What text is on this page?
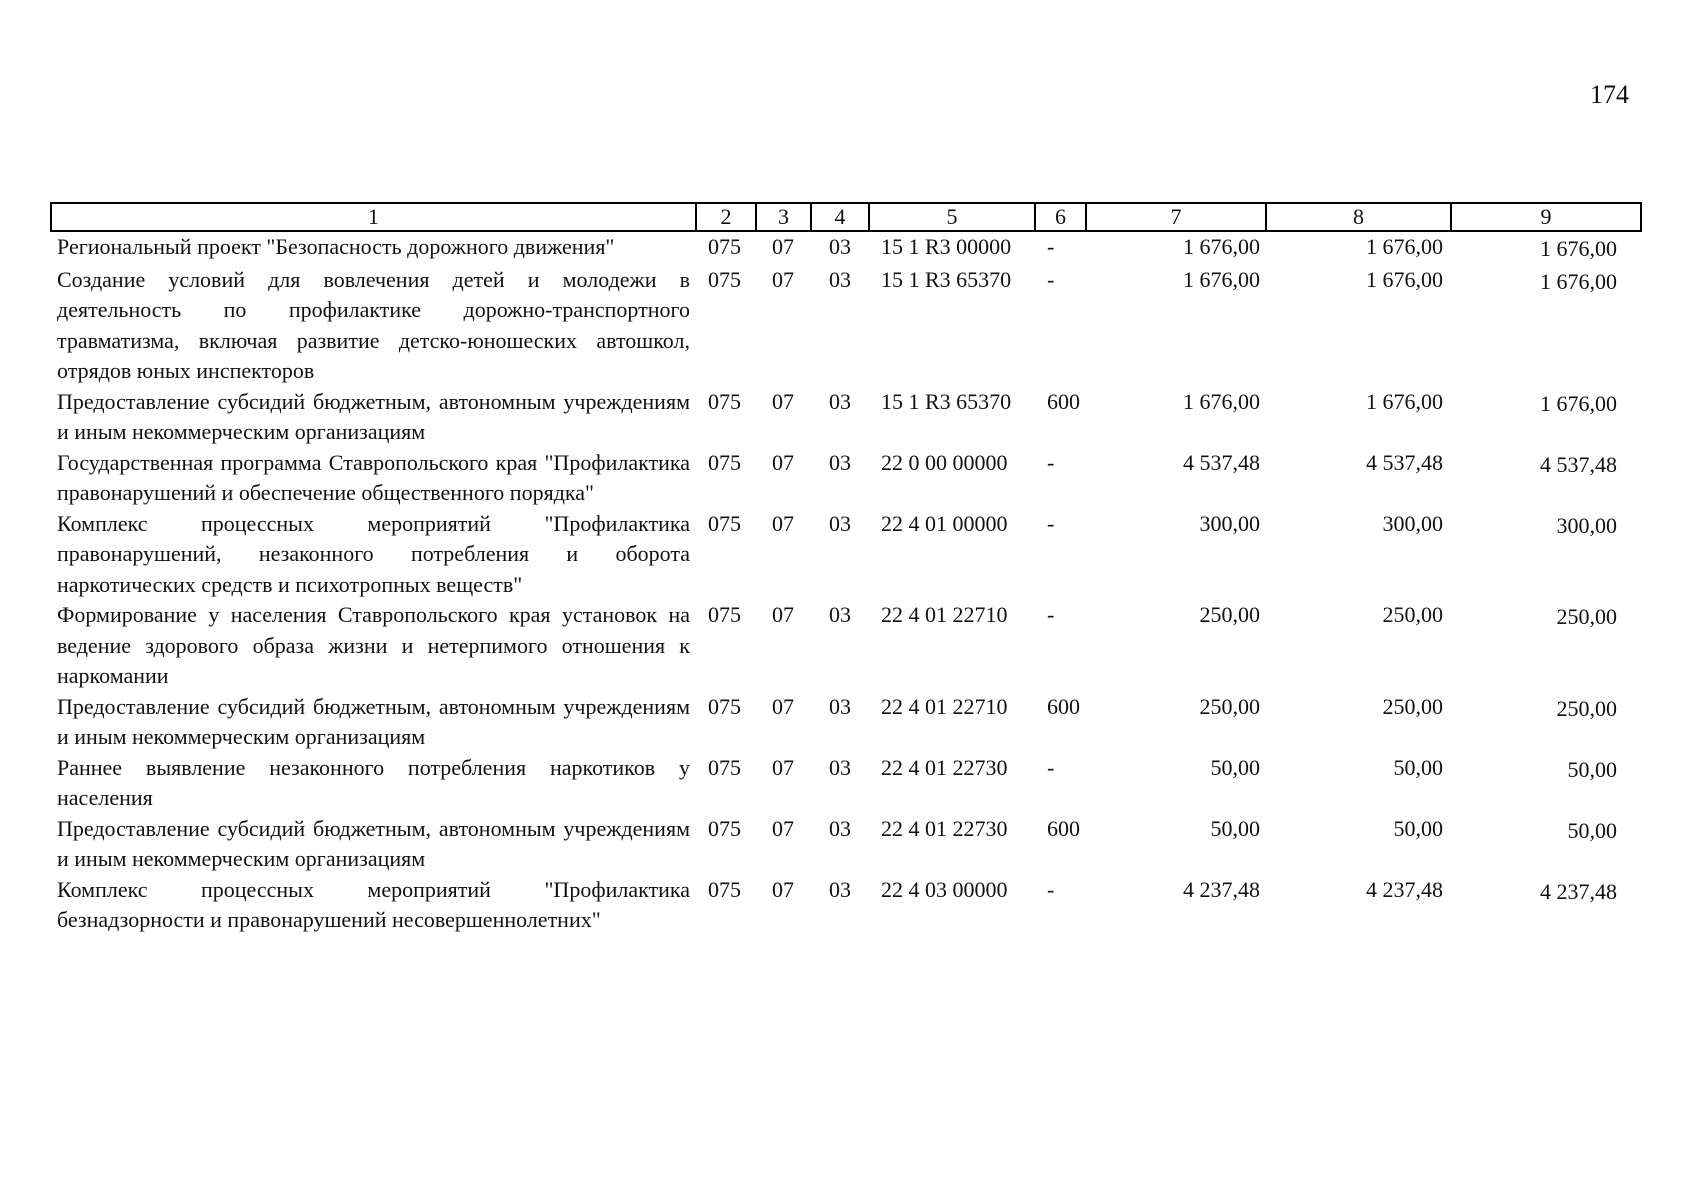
174
1	2	3	4	5	6	7	8	9
Региональный проект "Безопасность дорожного движения"	075	07	03	15 1 R3 00000	-	1 676,00	1 676,00	1 676,00
Создание условий для вовлечения детей и молодежи в деятельность по профилактике дорожно-транспортного травматизма, включая развитие детско-юношеских автошкол, отрядов юных инспекторов	075	07	03	15 1 R3 65370	-	1 676,00	1 676,00	1 676,00
Предоставление субсидий бюджетным, автономным учреждениям и иным некоммерческим организациям	075	07	03	15 1 R3 65370	600	1 676,00	1 676,00	1 676,00
Государственная программа Ставропольского края "Профилактика правонарушений и обеспечение общественного порядка"	075	07	03	22 0 00 00000	-	4 537,48	4 537,48	4 537,48
Комплекс процессных мероприятий "Профилактика правонарушений, незаконного потребления и оборота наркотических средств и психотропных веществ"	075	07	03	22 4 01 00000	-	300,00	300,00	300,00
Формирование у населения Ставропольского края установок на ведение здорового образа жизни и нетерпимого отношения к наркомании	075	07	03	22 4 01 22710	-	250,00	250,00	250,00
Предоставление субсидий бюджетным, автономным учреждениям и иным некоммерческим организациям	075	07	03	22 4 01 22710	600	250,00	250,00	250,00
Раннее выявление незаконного потребления наркотиков у населения	075	07	03	22 4 01 22730	-	50,00	50,00	50,00
Предоставление субсидий бюджетным, автономным учреждениям и иным некоммерческим организациям	075	07	03	22 4 01 22730	600	50,00	50,00	50,00
Комплекс процессных мероприятий "Профилактика безнадзорности и правонарушений несовершеннолетних"	075	07	03	22 4 03 00000	-	4 237,48	4 237,48	4 237,48
